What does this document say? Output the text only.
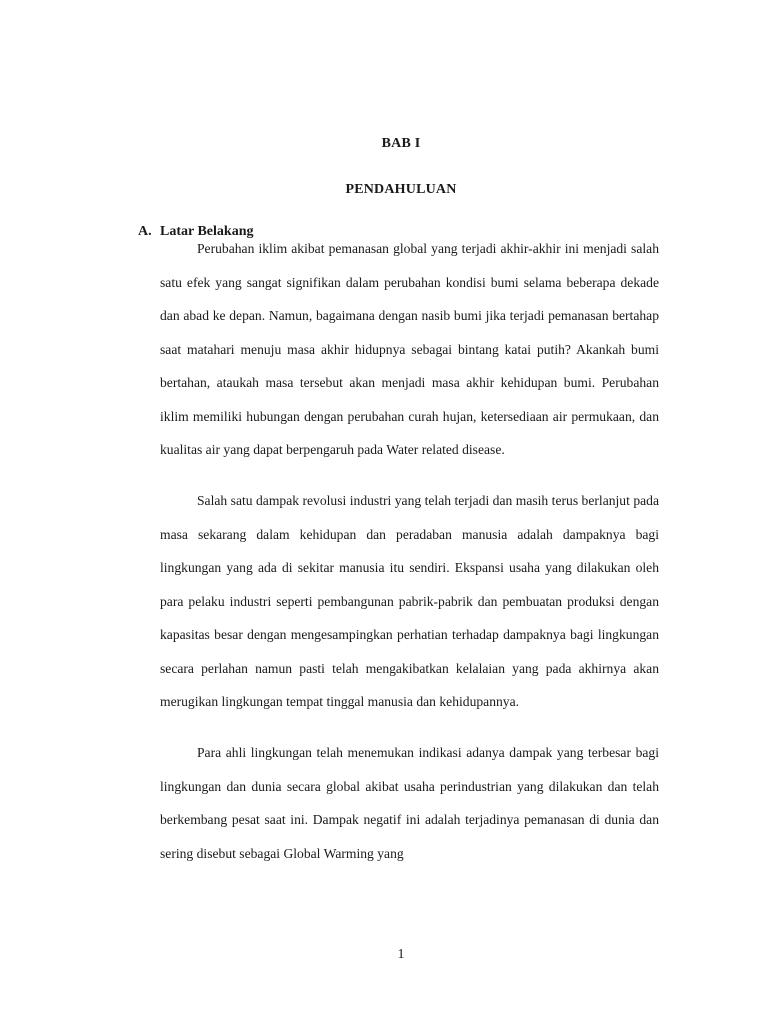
BAB I
PENDAHULUAN
A. Latar Belakang

Perubahan iklim akibat pemanasan global yang terjadi akhir-akhir ini menjadi salah satu efek yang sangat signifikan dalam perubahan kondisi bumi selama beberapa dekade dan abad ke depan. Namun, bagaimana dengan nasib bumi jika terjadi pemanasan bertahap saat matahari menuju masa akhir hidupnya sebagai bintang katai putih? Akankah bumi bertahan, ataukah masa tersebut akan menjadi masa akhir kehidupan bumi. Perubahan iklim memiliki hubungan dengan perubahan curah hujan, ketersediaan air permukaan, dan kualitas air yang dapat berpengaruh pada Water related disease.

Salah satu dampak revolusi industri yang telah terjadi dan masih terus berlanjut pada masa sekarang dalam kehidupan dan peradaban manusia adalah dampaknya bagi lingkungan yang ada di sekitar manusia itu sendiri. Ekspansi usaha yang dilakukan oleh para pelaku industri seperti pembangunan pabrik-pabrik dan pembuatan produksi dengan kapasitas besar dengan mengesampingkan perhatian terhadap dampaknya bagi lingkungan secara perlahan namun pasti telah mengakibatkan kelalaian yang pada akhirnya akan merugikan lingkungan tempat tinggal manusia dan kehidupannya.

Para ahli lingkungan telah menemukan indikasi adanya dampak yang terbesar bagi lingkungan dan dunia secara global akibat usaha perindustrian yang dilakukan dan telah berkembang pesat saat ini. Dampak negatif ini adalah terjadinya pemanasan di dunia dan sering disebut sebagai Global Warming yang

1
